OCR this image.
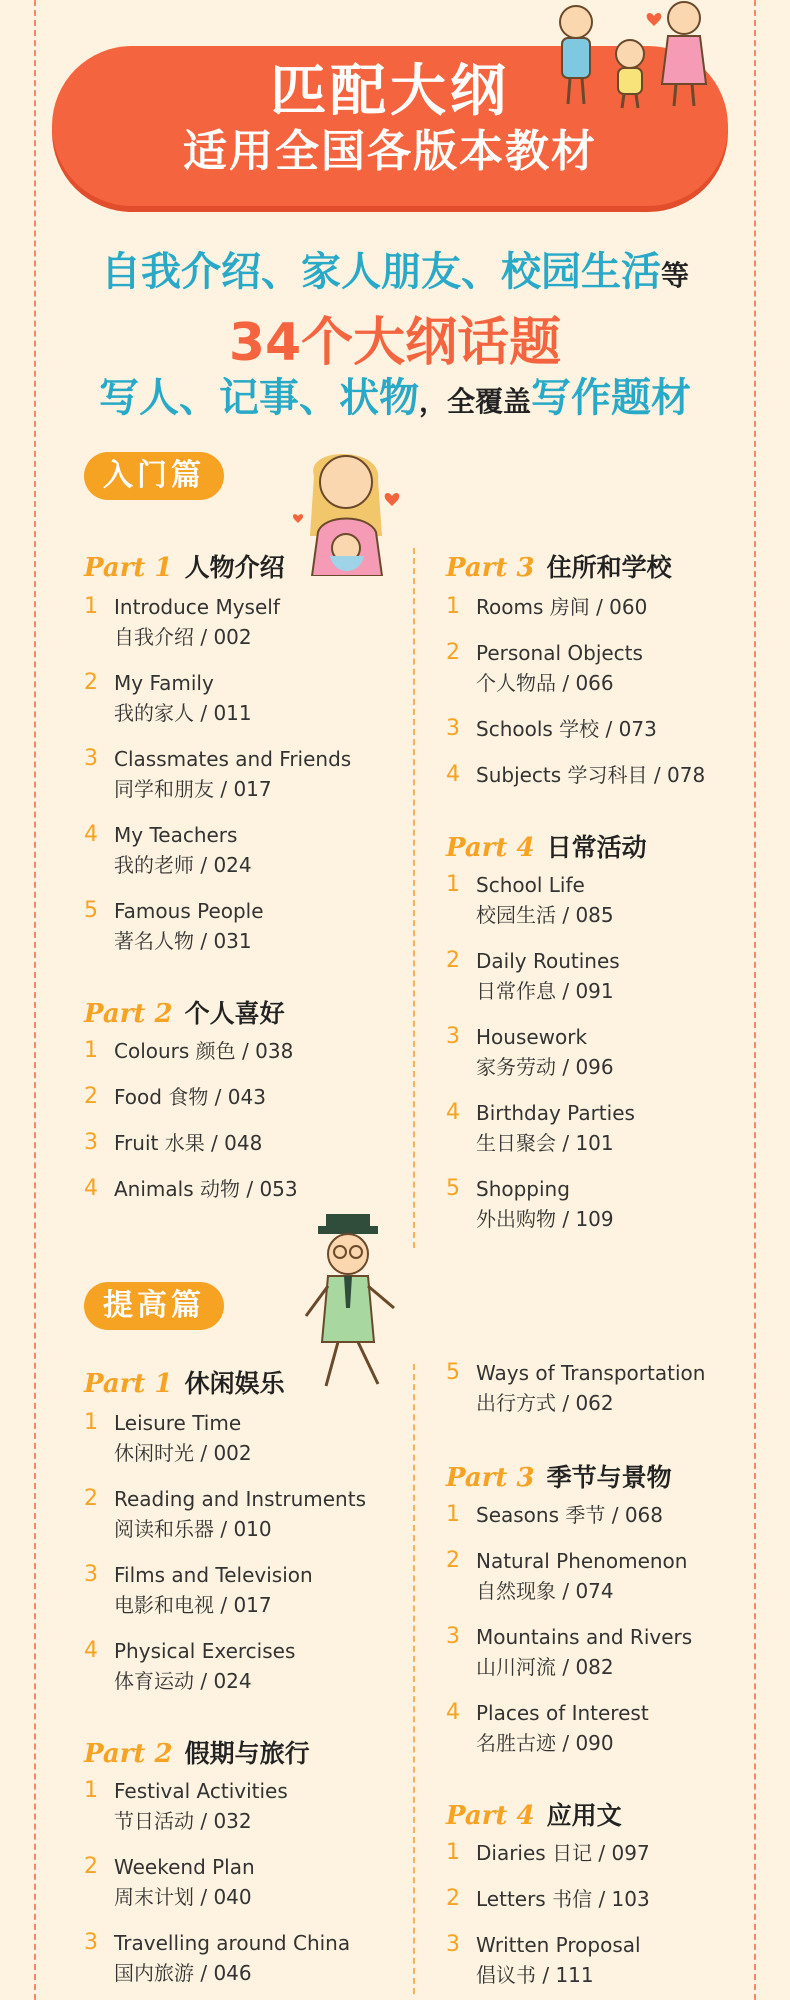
匹配大纲
适用全国各版本教材
自我介绍、家人朋友、校园生活等
34个大纲话题
写人、记事、状物，全覆盖写作题材
入门篇
Part 1 人物介绍
1 Introduce Myself
自我介绍 / 002
2 My Family
我的家人 / 011
3 Classmates and Friends
同学和朋友 / 017
4 My Teachers
我的老师 / 024
5 Famous People
著名人物 / 031
Part 2 个人喜好
1 Colours 颜色 / 038
2 Food 食物 / 043
3 Fruit 水果 / 048
4 Animals 动物 / 053
Part 3 住所和学校
1 Rooms 房间 / 060
2 Personal Objects
个人物品 / 066
3 Schools 学校 / 073
4 Subjects 学习科目 / 078
Part 4 日常活动
1 School Life
校园生活 / 085
2 Daily Routines
日常作息 / 091
3 Housework
家务劳动 / 096
4 Birthday Parties
生日聚会 / 101
5 Shopping
外出购物 / 109
提高篇
Part 1 休闲娱乐
1 Leisure Time
休闲时光 / 002
2 Reading and Instruments
阅读和乐器 / 010
3 Films and Television
电影和电视 / 017
4 Physical Exercises
体育运动 / 024
Part 2 假期与旅行
1 Festival Activities
节日活动 / 032
2 Weekend Plan
周末计划 / 040
3 Travelling around China
国内旅游 / 046
5 Ways of Transportation
出行方式 / 062
Part 3 季节与景物
1 Seasons 季节 / 068
2 Natural Phenomenon
自然现象 / 074
3 Mountains and Rivers
山川河流 / 082
4 Places of Interest
名胜古迹 / 090
Part 4 应用文
1 Diaries 日记 / 097
2 Letters 书信 / 103
3 Written Proposal
倡议书 / 111
